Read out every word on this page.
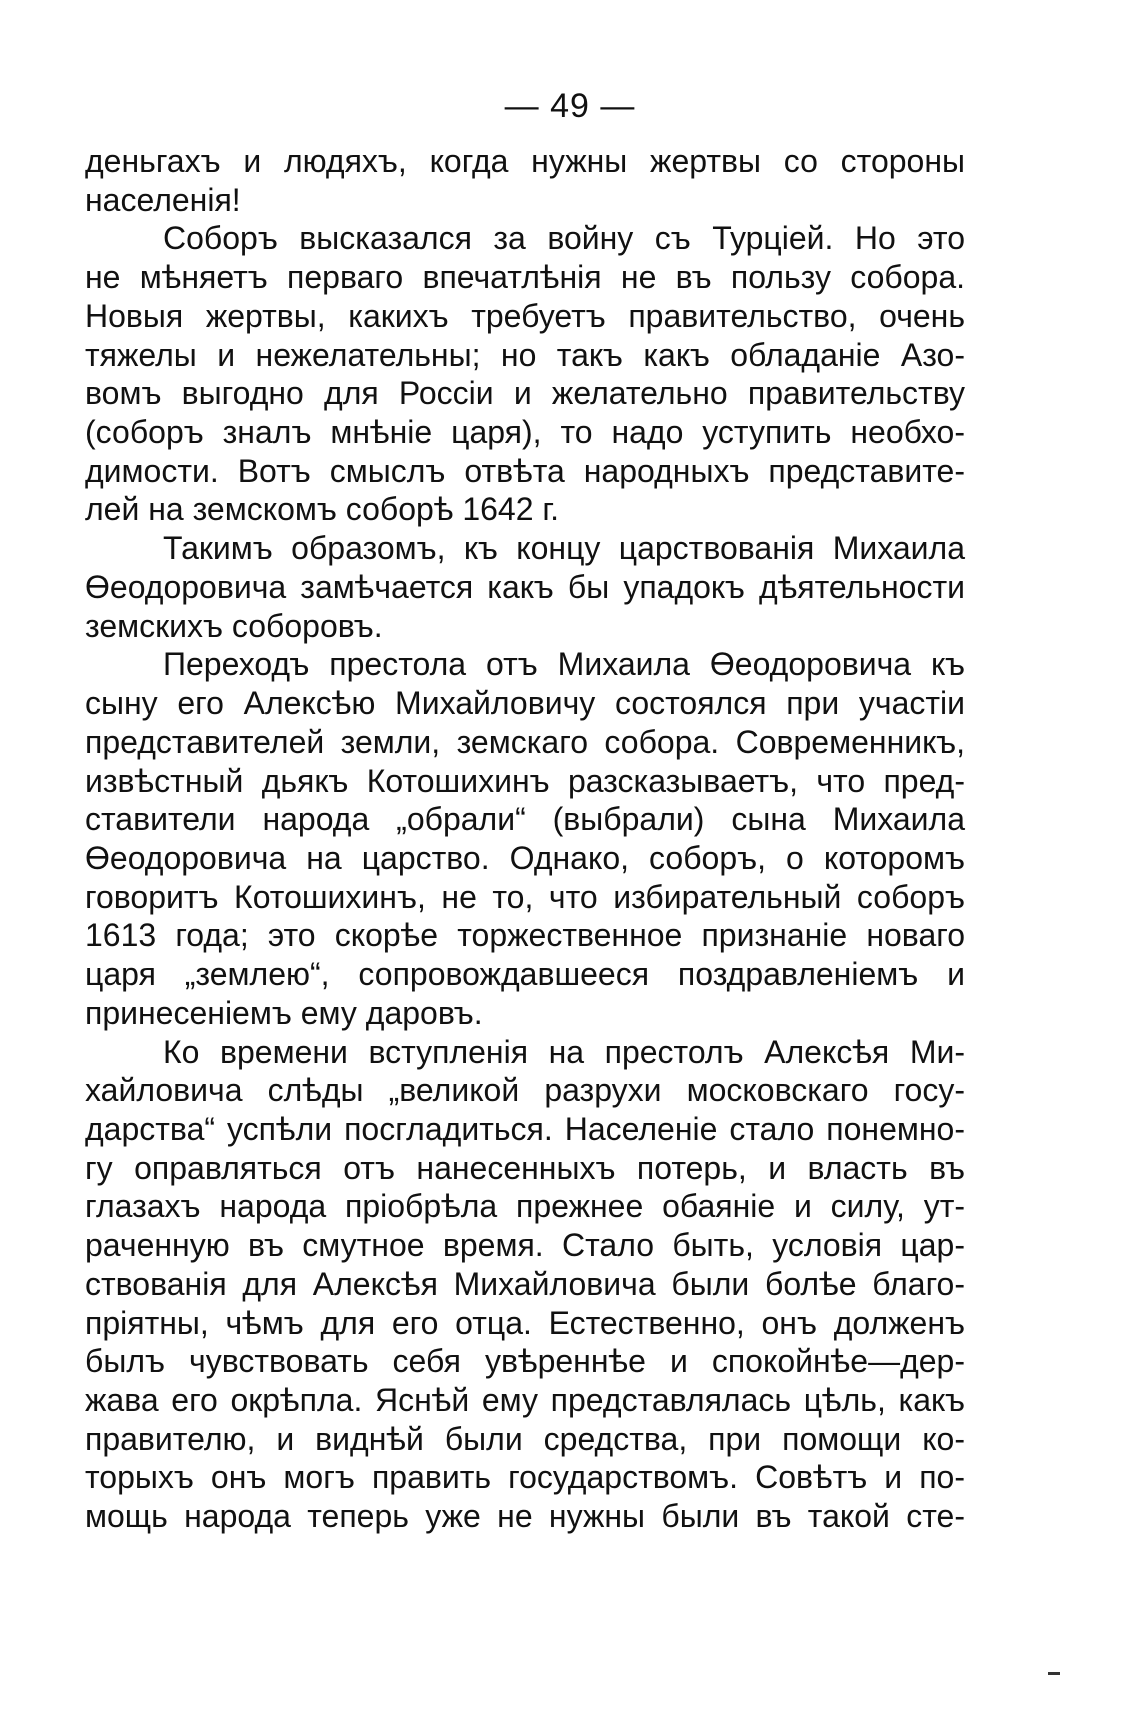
— 49 —
деньгахъ и людяхъ, когда нужны жертвы со стороны
населенія!
Соборъ высказался за войну съ Турціей. Но это
не мѣняетъ перваго впечатлѣнія не въ пользу собора.
Новыя жертвы, какихъ требуетъ правительство, очень
тяжелы и нежелательны; но такъ какъ обладаніе Азо-
вомъ выгодно для Россіи и желательно правительству
(соборъ зналъ мнѣніе царя), то надо уступить необхо-
димости. Вотъ смыслъ отвѣта народныхъ представите-
лей на земскомъ соборѣ 1642 г.
Такимъ образомъ, къ концу царствованія Михаила
Өеодоровича замѣчается какъ бы упадокъ дѣятельности
земскихъ соборовъ.
Переходъ престола отъ Михаила Өеодоровича къ
сыну его Алексѣю Михайловичу состоялся при участіи
представителей земли, земскаго собора. Современникъ,
извѣстный дьякъ Котошихинъ разсказываетъ, что пред-
ставители народа „обрали“ (выбрали) сына Михаила
Өеодоровича на царство. Однако, соборъ, о которомъ
говоритъ Котошихинъ, не то, что избирательный соборъ
1613 года; это скорѣе торжественное признаніе новаго
царя „землею“, сопровождавшееся поздравленіемъ и
принесеніемъ ему даровъ.
Ко времени вступленія на престолъ Алексѣя Ми-
хайловича слѣды „великой разрухи московскаго госу-
дарства“ успѣли посгладиться. Населеніе стало понемно-
гу оправляться отъ нанесенныхъ потерь, и власть въ
глазахъ народа пріобрѣла прежнее обаяніе и силу, ут-
раченную въ смутное время. Стало быть, условія цар-
ствованія для Алексѣя Михайловича были болѣе благо-
пріятны, чѣмъ для его отца. Естественно, онъ долженъ
былъ чувствовать себя увѣреннѣе и спокойнѣе—дер-
жава его окрѣпла. Яснѣй ему представлялась цѣль, какъ
правителю, и виднѣй были средства, при помощи ко-
торыхъ онъ могъ править государствомъ. Совѣтъ и по-
мощь народа теперь уже не нужны были въ такой сте-
